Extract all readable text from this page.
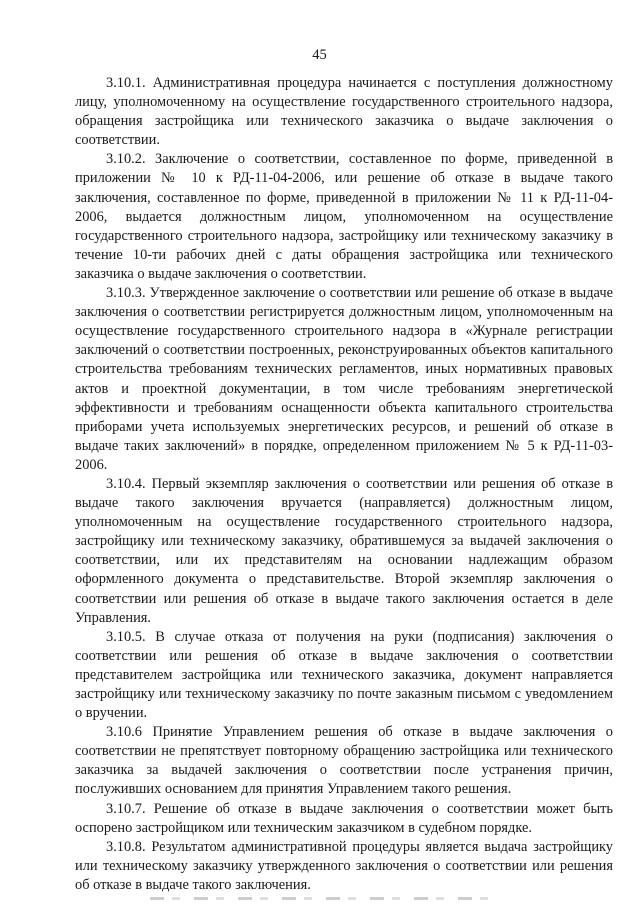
45

3.10.1. Административная процедура начинается с поступления должностному лицу, уполномоченному на осуществление государственного строительного надзора, обращения застройщика или технического заказчика о выдаче заключения о соответствии.

3.10.2. Заключение о соответствии, составленное по форме, приведенной в приложении № 10 к РД-11-04-2006, или решение об отказе в выдаче такого заключения, составленное по форме, приведенной в приложении № 11 к РД-11-04-2006, выдается должностным лицом, уполномоченном на осуществление государственного строительного надзора, застройщику или техническому заказчику в течение 10-ти рабочих дней с даты обращения застройщика или технического заказчика о выдаче заключения о соответствии.

3.10.3. Утвержденное заключение о соответствии или решение об отказе в выдаче заключения о соответствии регистрируется должностным лицом, уполномоченным на осуществление государственного строительного надзора в «Журнале регистрации заключений о соответствии построенных, реконструированных объектов капитального строительства требованиям технических регламентов, иных нормативных правовых актов и проектной документации, в том числе требованиям энергетической эффективности и требованиям оснащенности объекта капитального строительства приборами учета используемых энергетических ресурсов, и решений об отказе в выдаче таких заключений» в порядке, определенном приложением № 5 к РД-11-03-2006.

3.10.4. Первый экземпляр заключения о соответствии или решения об отказе в выдаче такого заключения вручается (направляется) должностным лицом, уполномоченным на осуществление государственного строительного надзора, застройщику или техническому заказчику, обратившемуся за выдачей заключения о соответствии, или их представителям на основании надлежащим образом оформленного документа о представительстве. Второй экземпляр заключения о соответствии или решения об отказе в выдаче такого заключения остается в деле Управления.

3.10.5. В случае отказа от получения на руки (подписания) заключения о соответствии или решения об отказе в выдаче заключения о соответствии представителем застройщика или технического заказчика, документ направляется застройщику или техническому заказчику по почте заказным письмом с уведомлением о вручении.

3.10.6 Принятие Управлением решения об отказе в выдаче заключения о соответствии не препятствует повторному обращению застройщика или технического заказчика за выдачей заключения о соответствии после устранения причин, послуживших основанием для принятия Управлением такого решения.

3.10.7. Решение об отказе в выдаче заключения о соответствии может быть оспорено застройщиком или техническим заказчиком в судебном порядке.

3.10.8. Результатом административной процедуры является выдача застройщику или техническому заказчику утвержденного заключения о соответствии или решения об отказе в выдаче такого заключения.
